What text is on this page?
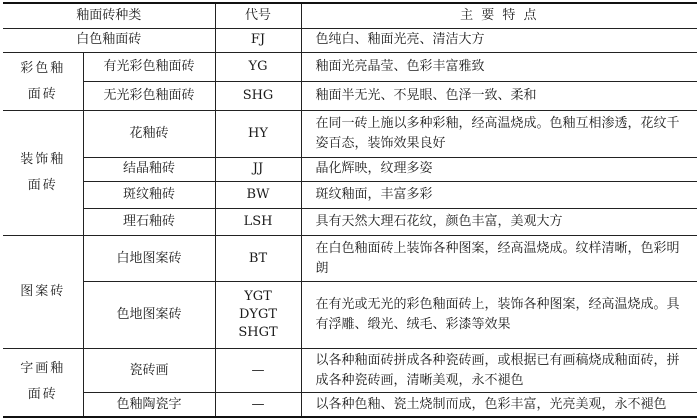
釉面砖种类		代号	主 要 特 点
白色釉面砖		FJ	色纯白、釉面光亮、清洁大方

彩色釉面砖	有光彩色釉面砖	YG	釉面光亮晶莹、色彩丰富雅致

	无光彩色釉面砖	SHG	釉面半无光、不晃眼、色泽一致、柔和

装饰釉面砖	花釉砖	HY	在同一砖上施以多种彩釉，经高温烧成。色釉互相渗透，花纹千姿百态，装饰效果良好

	结晶釉砖	JJ	晶化辉映，纹理多姿

	斑纹釉砖	BW	斑纹釉面，丰富多彩

	理石釉砖	LSH	具有天然大理石花纹，颜色丰富，美观大方

图案砖	白地图案砖	BT	在白色釉面砖上装饰各种图案，经高温烧成。纹样清晰，色彩明朗

	色地图案砖	YGT
DYGT
SHGT	在有光或无光的彩色釉面砖上，装饰各种图案，经高温烧成。具有浮雕、缎光、绒毛、彩漆等效果

字画釉面砖	瓷砖画	—	以各种釉面砖拼成各种瓷砖画，或根据已有画稿烧成釉面砖，拼成各种瓷砖画，清晰美观，永不褪色

	色釉陶瓷字	—	以各种色釉、瓷土烧制而成，色彩丰富，光亮美观，永不褪色
